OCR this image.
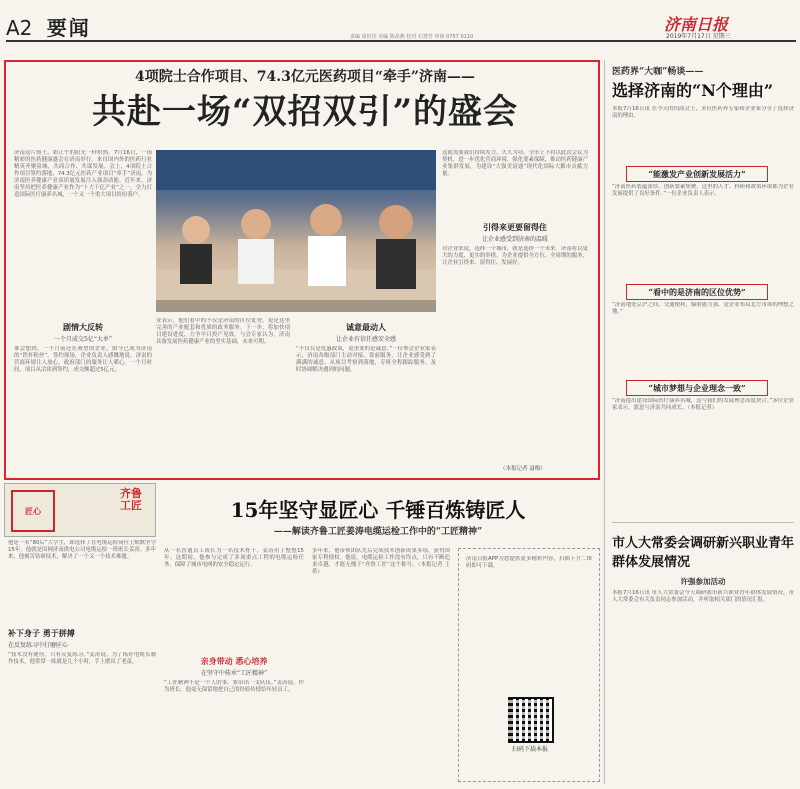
A2 要闻	责编 周恒伟 美编 陈昂燕 校对 石慧竹 审读 0757 0110
济南日报
2019年7月17日 星期三
4项院士合作项目、74.3亿元医药项目“牵手”济南——
共赴一场“双招双引”的盛会
济南这片热土，如正午的阳光一样炽热。7月16日，一场精彩的医药健康盛会在济南举行。来自国内外的医药行业精英齐聚泉城，共商合作、共谋发展。会上，4项院士合作项目签约落地，74.3亿元医药产业项目“牵手”济南，为济南医养健康产业高质量发展注入强劲动能。近年来，济南坚持把医养健康产业作为“十大千亿产业”之一，全力打造国际医疗康养名城，一个又一个重大项目纷纷落户。
剧情大反转
一个月成交5亿“大单”
谁会想到，一个月前还在观望的企业，如今已成为济南的“铁杆粉丝”。签约现场，企业负责人感慨地说，济南的营商环境让人放心，政府部门的服务让人暖心。一个月时间，项目从洽谈到签约，成交额超过5亿元。
业表示，他们看中的不仅是济南的区位优势，更是这里完善的产业配套和优质的政务服务。下一步，将加快项目建设进度，力争早日投产见效。与会专家认为，济南具备发展医药健康产业的坚实基础，未来可期。
诚意最动人
让企业有信任感安全感
“不仅仅是优惠政策，更重要的是诚意。”一位参会企业家表示，济南各级部门主动对接、靠前服务，让企业感受到了满满的诚意。从项目考察到落地，专班全程跟踪服务，及时协调解决遇到的问题。
这就需要我们持续发力、久久为功。全市上下将以此次会议为契机，进一步优化营商环境，强化要素保障，推动医药健康产业集群发展，为建设“大强美富通”现代化国际大都市贡献力量。
引得来更要留得住
让企业感受到济南的温暖
对企业来说，选择一个城市，就是选择一个未来。济南将以更大的力度、更实的举措，为企业提供全方位、全周期的服务，让企业引得来、留得住、发展好。
（本报记者 聂梅）
医药界“大咖”畅谈——
选择济南的“N个理由”
本报7月16日讯 在今天的招商会上，多位医药界专家和企业家分享了选择济南的理由。
“能激发产业创新发展活力”
“济南医药底蕴深厚，创新要素集聚，这里的人才、科研和政策环境都为企业发展提供了良好条件。”一位企业负责人表示。
“看中的是济南的区位优势”
“济南地处京沪之间，交通便利，辐射能力强，是企业布局北方市场的理想之地。”
“城市梦想与企业理念一致”
“济南提出建设国际医疗康养名城，这与我们的发展理念高度契合。”多位企业家表示，愿意与济南共同成长。（本报记者）
市人大常委会调研新兴职业青年群体发展情况
许强参加活动
本报7月16日讯 市人大常委会今天调研我市新兴职业青年群体发展情况，市人大常委会有关负责同志参加活动，并听取相关部门的情况汇报。
匠心
齐鲁工匠	15年坚守显匠心 千锤百炼铸匠人
——解读齐鲁工匠姜涛电缆运检工作中的“工匠精神”
他是一名“80后”大学生，却选择了在电缆运检岗位上默默坚守15年。他就是国网济南供电公司电缆运检一班班长姜涛。多年来，他刻苦钻研技术，解决了一个又一个技术难题。
补下身子 勇于拼搏
在反复练习中打磨匠心
“技术没有捷径，只有反复练习。”姜涛说。为了练好电缆头制作技术，他常常一练就是几个小时，手上磨出了老茧。
从一名普通员工成长为一名技术骨干，姜涛用了整整15年。这期间，他参与完成了多项重点工程的电缆运检任务，保障了城市电网的安全稳定运行。
亲身带动 悉心培养
在坚守中传承“工匠精神”
“工匠精神不是一个人的事，要带出一支队伍。”姜涛说。作为班长，他毫无保留地把自己的经验传授给年轻员工。
多年来，他带领团队先后完成技术创新成果多项，获得国家专利授权。他说，电缆运检工作没有终点，只有不断追求卓越，才能无愧于“齐鲁工匠”这个称号。（本报记者 王希）
济南日报APP为您提供更多精彩内容，扫描下方二维码即可下载。
扫码下载本报
